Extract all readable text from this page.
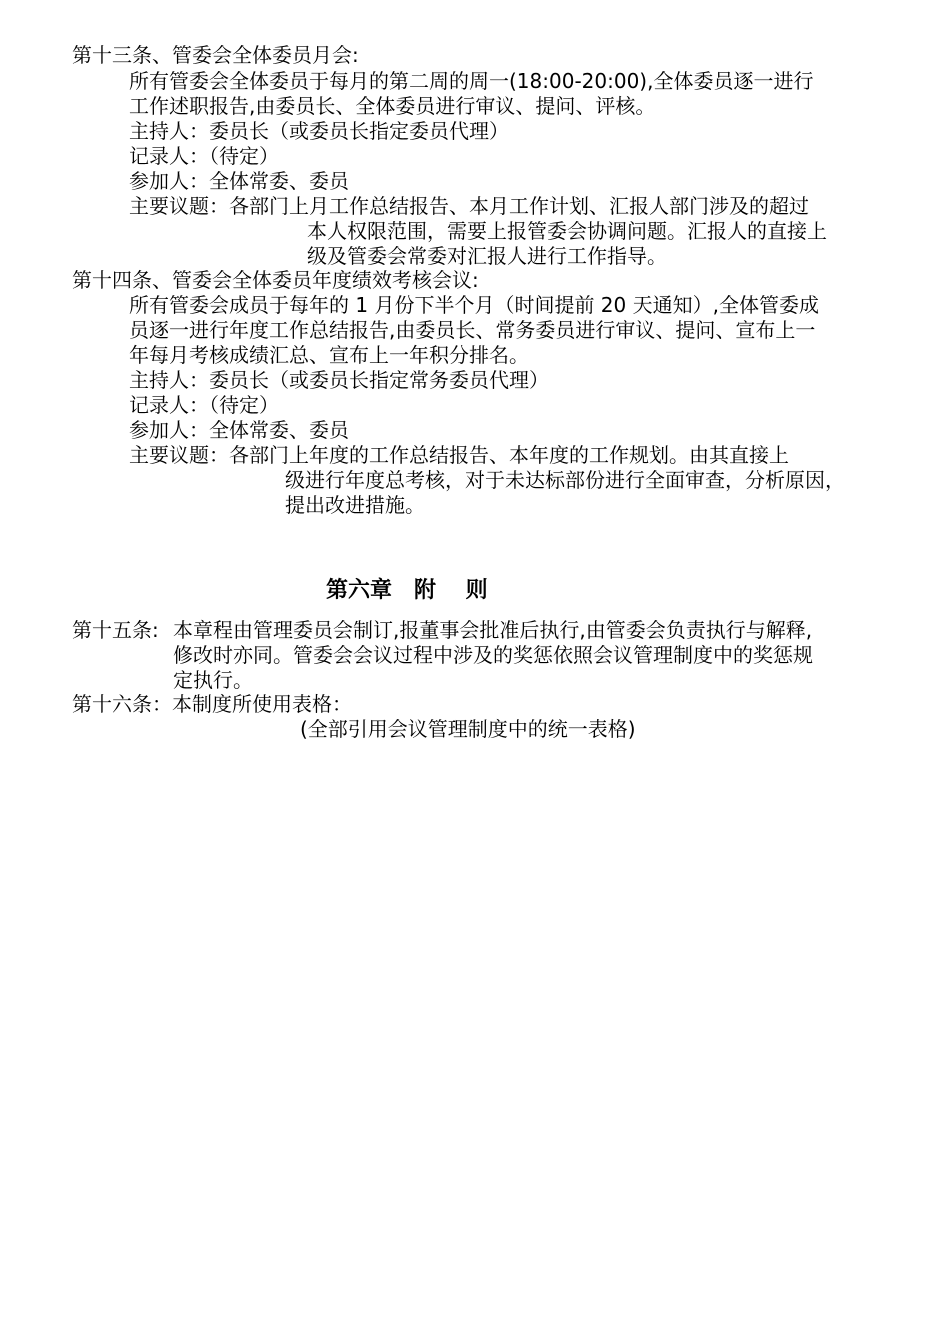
第十三条、管委会全体委员月会:
所有管委会全体委员于每月的第二周的周一(18:00-20:00),全体委员逐一进行
工作述职报告,由委员长、全体委员进行审议、提问、评核。
主持人：委员长（或委员长指定委员代理）
记录人：（待定）
参加人：全体常委、委员
主要议题：各部门上月工作总结报告、本月工作计划、汇报人部门涉及的超过
本人权限范围，需要上报管委会协调问题。汇报人的直接上
级及管委会常委对汇报人进行工作指导。
第十四条、管委会全体委员年度绩效考核会议:
所有管委会成员于每年的 1 月份下半个月（时间提前 20 天通知）,全体管委成
员逐一进行年度工作总结报告,由委员长、常务委员进行审议、提问、宣布上一
年每月考核成绩汇总、宣布上一年积分排名。
主持人：委员长（或委员长指定常务委员代理）
记录人：（待定）
参加人：全体常委、委员
主要议题：各部门上年度的工作总结报告、本年度的工作规划。由其直接上
级进行年度总考核，对于未达标部份进行全面审查，分析原因，
提出改进措施。
第六章　附　 则
第十五条: 本章程由管理委员会制订,报董事会批准后执行,由管委会负责执行与解释,
修改时亦同。管委会会议过程中涉及的奖惩依照会议管理制度中的奖惩规
定执行。
第十六条：本制度所使用表格：
(全部引用会议管理制度中的统一表格)
